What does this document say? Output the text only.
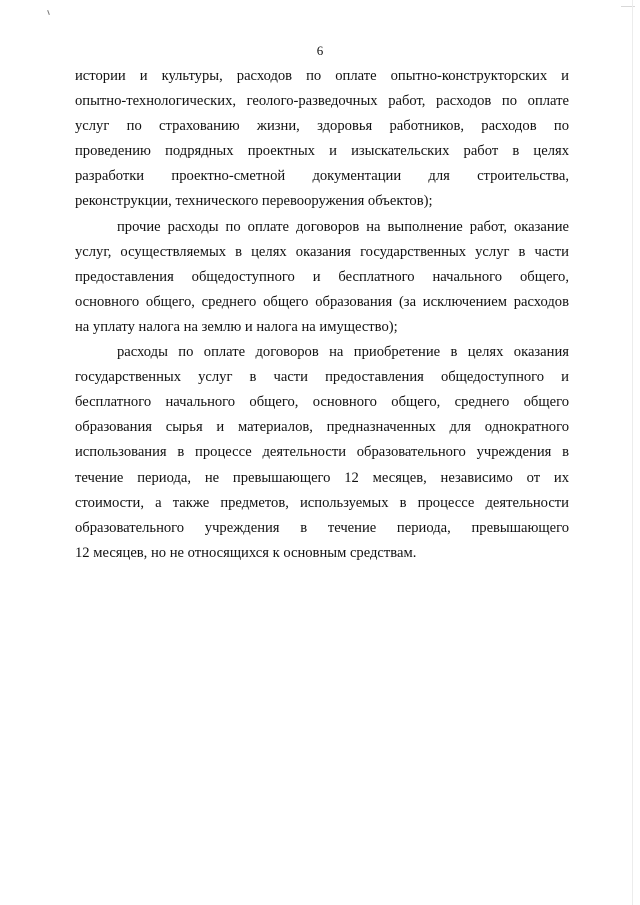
6
истории и культуры, расходов по оплате опытно-конструкторских и
опытно-технологических, геолого-разведочных работ, расходов по оплате
услуг по страхованию жизни, здоровья работников, расходов по
проведению подрядных проектных и изыскательских работ в целях
разработки проектно-сметной документации для строительства,
реконструкции, технического перевооружения объектов);
прочие расходы по оплате договоров на выполнение работ, оказание
услуг, осуществляемых в целях оказания государственных услуг в части
предоставления общедоступного и бесплатного начального общего,
основного общего, среднего общего образования (за исключением расходов
на уплату налога на землю и налога на имущество);
расходы по оплате договоров на приобретение в целях оказания
государственных услуг в части предоставления общедоступного и
бесплатного начального общего, основного общего, среднего общего
образования сырья и материалов, предназначенных для однократного
использования в процессе деятельности образовательного учреждения в
течение периода, не превышающего 12 месяцев, независимо от их
стоимости, а также предметов, используемых в процессе деятельности
образовательного учреждения в течение периода, превышающего
12 месяцев, но не относящихся к основным средствам.
